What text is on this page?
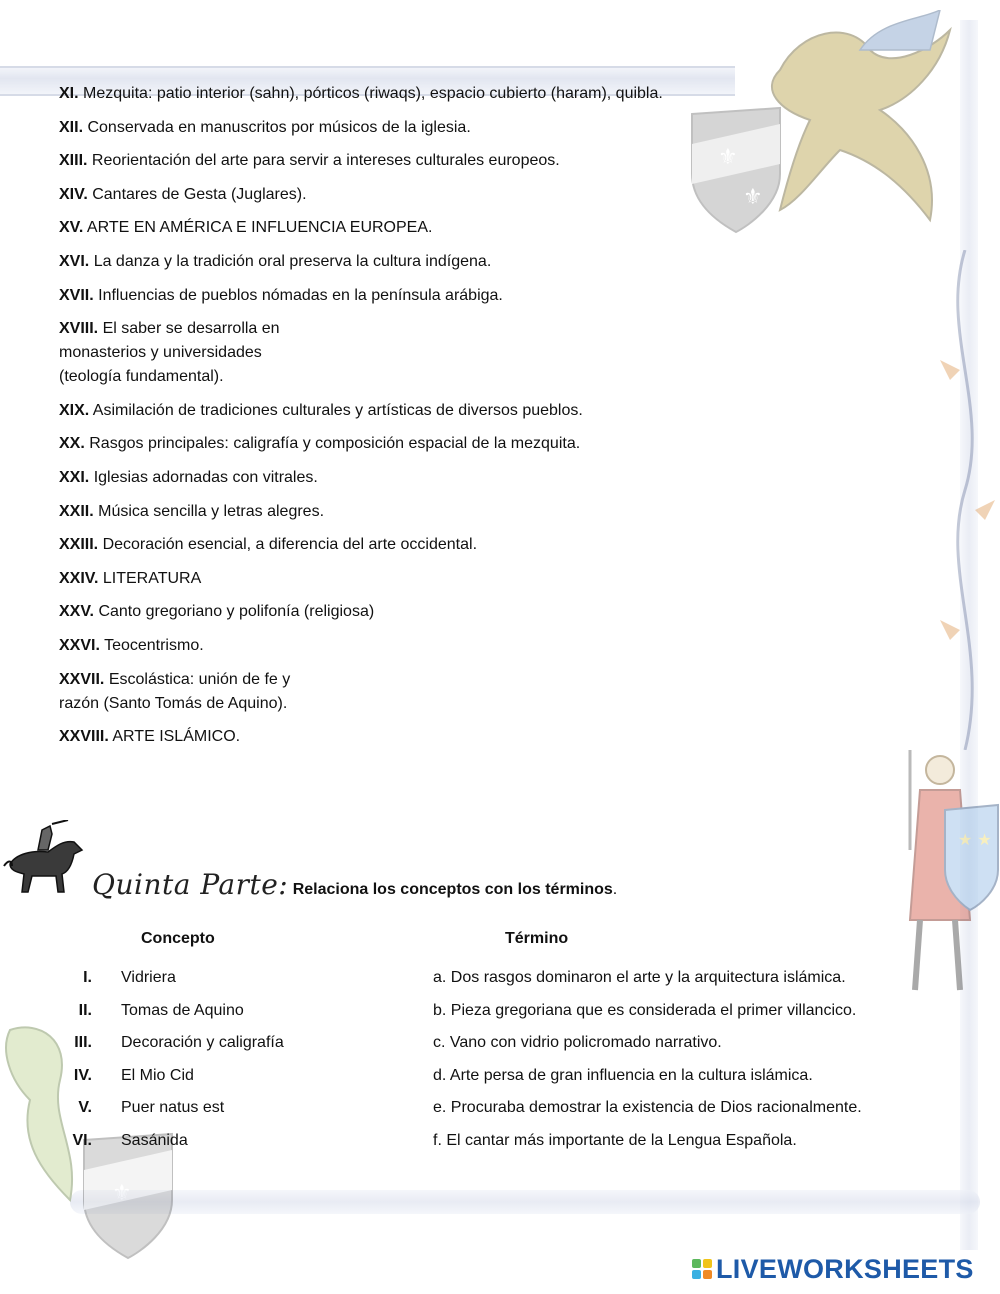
⚜
⚜
⚜
★ ★
XI. Mezquita: patio interior (sahn), pórticos (riwaqs), espacio cubierto (haram), quibla.
XII. Conservada en manuscritos por músicos de la iglesia.
XIII. Reorientación del arte para servir a intereses culturales europeos.
XIV. Cantares de Gesta (Juglares).
XV. ARTE EN AMÉRICA E INFLUENCIA EUROPEA.
XVI. La danza y la tradición oral preserva la cultura indígena.
XVII. Influencias de pueblos nómadas en la península arábiga.
XVIII. El saber se desarrolla en monasterios y universidades (teología fundamental).
XIX. Asimilación de tradiciones culturales y artísticas de diversos pueblos.
XX. Rasgos principales: caligrafía y composición espacial de la mezquita.
XXI. Iglesias adornadas con vitrales.
XXII. Música sencilla y letras alegres.
XXIII. Decoración esencial, a diferencia del arte occidental.
XXIV. LITERATURA
XXV. Canto gregoriano y polifonía (religiosa)
XXVI. Teocentrismo.
XXVII. Escolástica: unión de fe y razón (Santo Tomás de Aquino).
XXVIII. ARTE ISLÁMICO.
Quinta Parte: Relaciona los conceptos con los términos.
Concepto	Término
I. Vidriera	a. Dos rasgos dominaron el arte y la arquitectura islámica.
II. Tomas de Aquino	b. Pieza gregoriana que es considerada el primer villancico.
III. Decoración y caligrafía	c. Vano con vidrio policromado narrativo.
IV. El Mio Cid	d. Arte persa de gran influencia en la cultura islámica.
V. Puer natus est	e. Procuraba demostrar la existencia de Dios racionalmente.
VI. Sasánida	f. El cantar más importante de la Lengua Española.
LIVEWORKSHEETS
